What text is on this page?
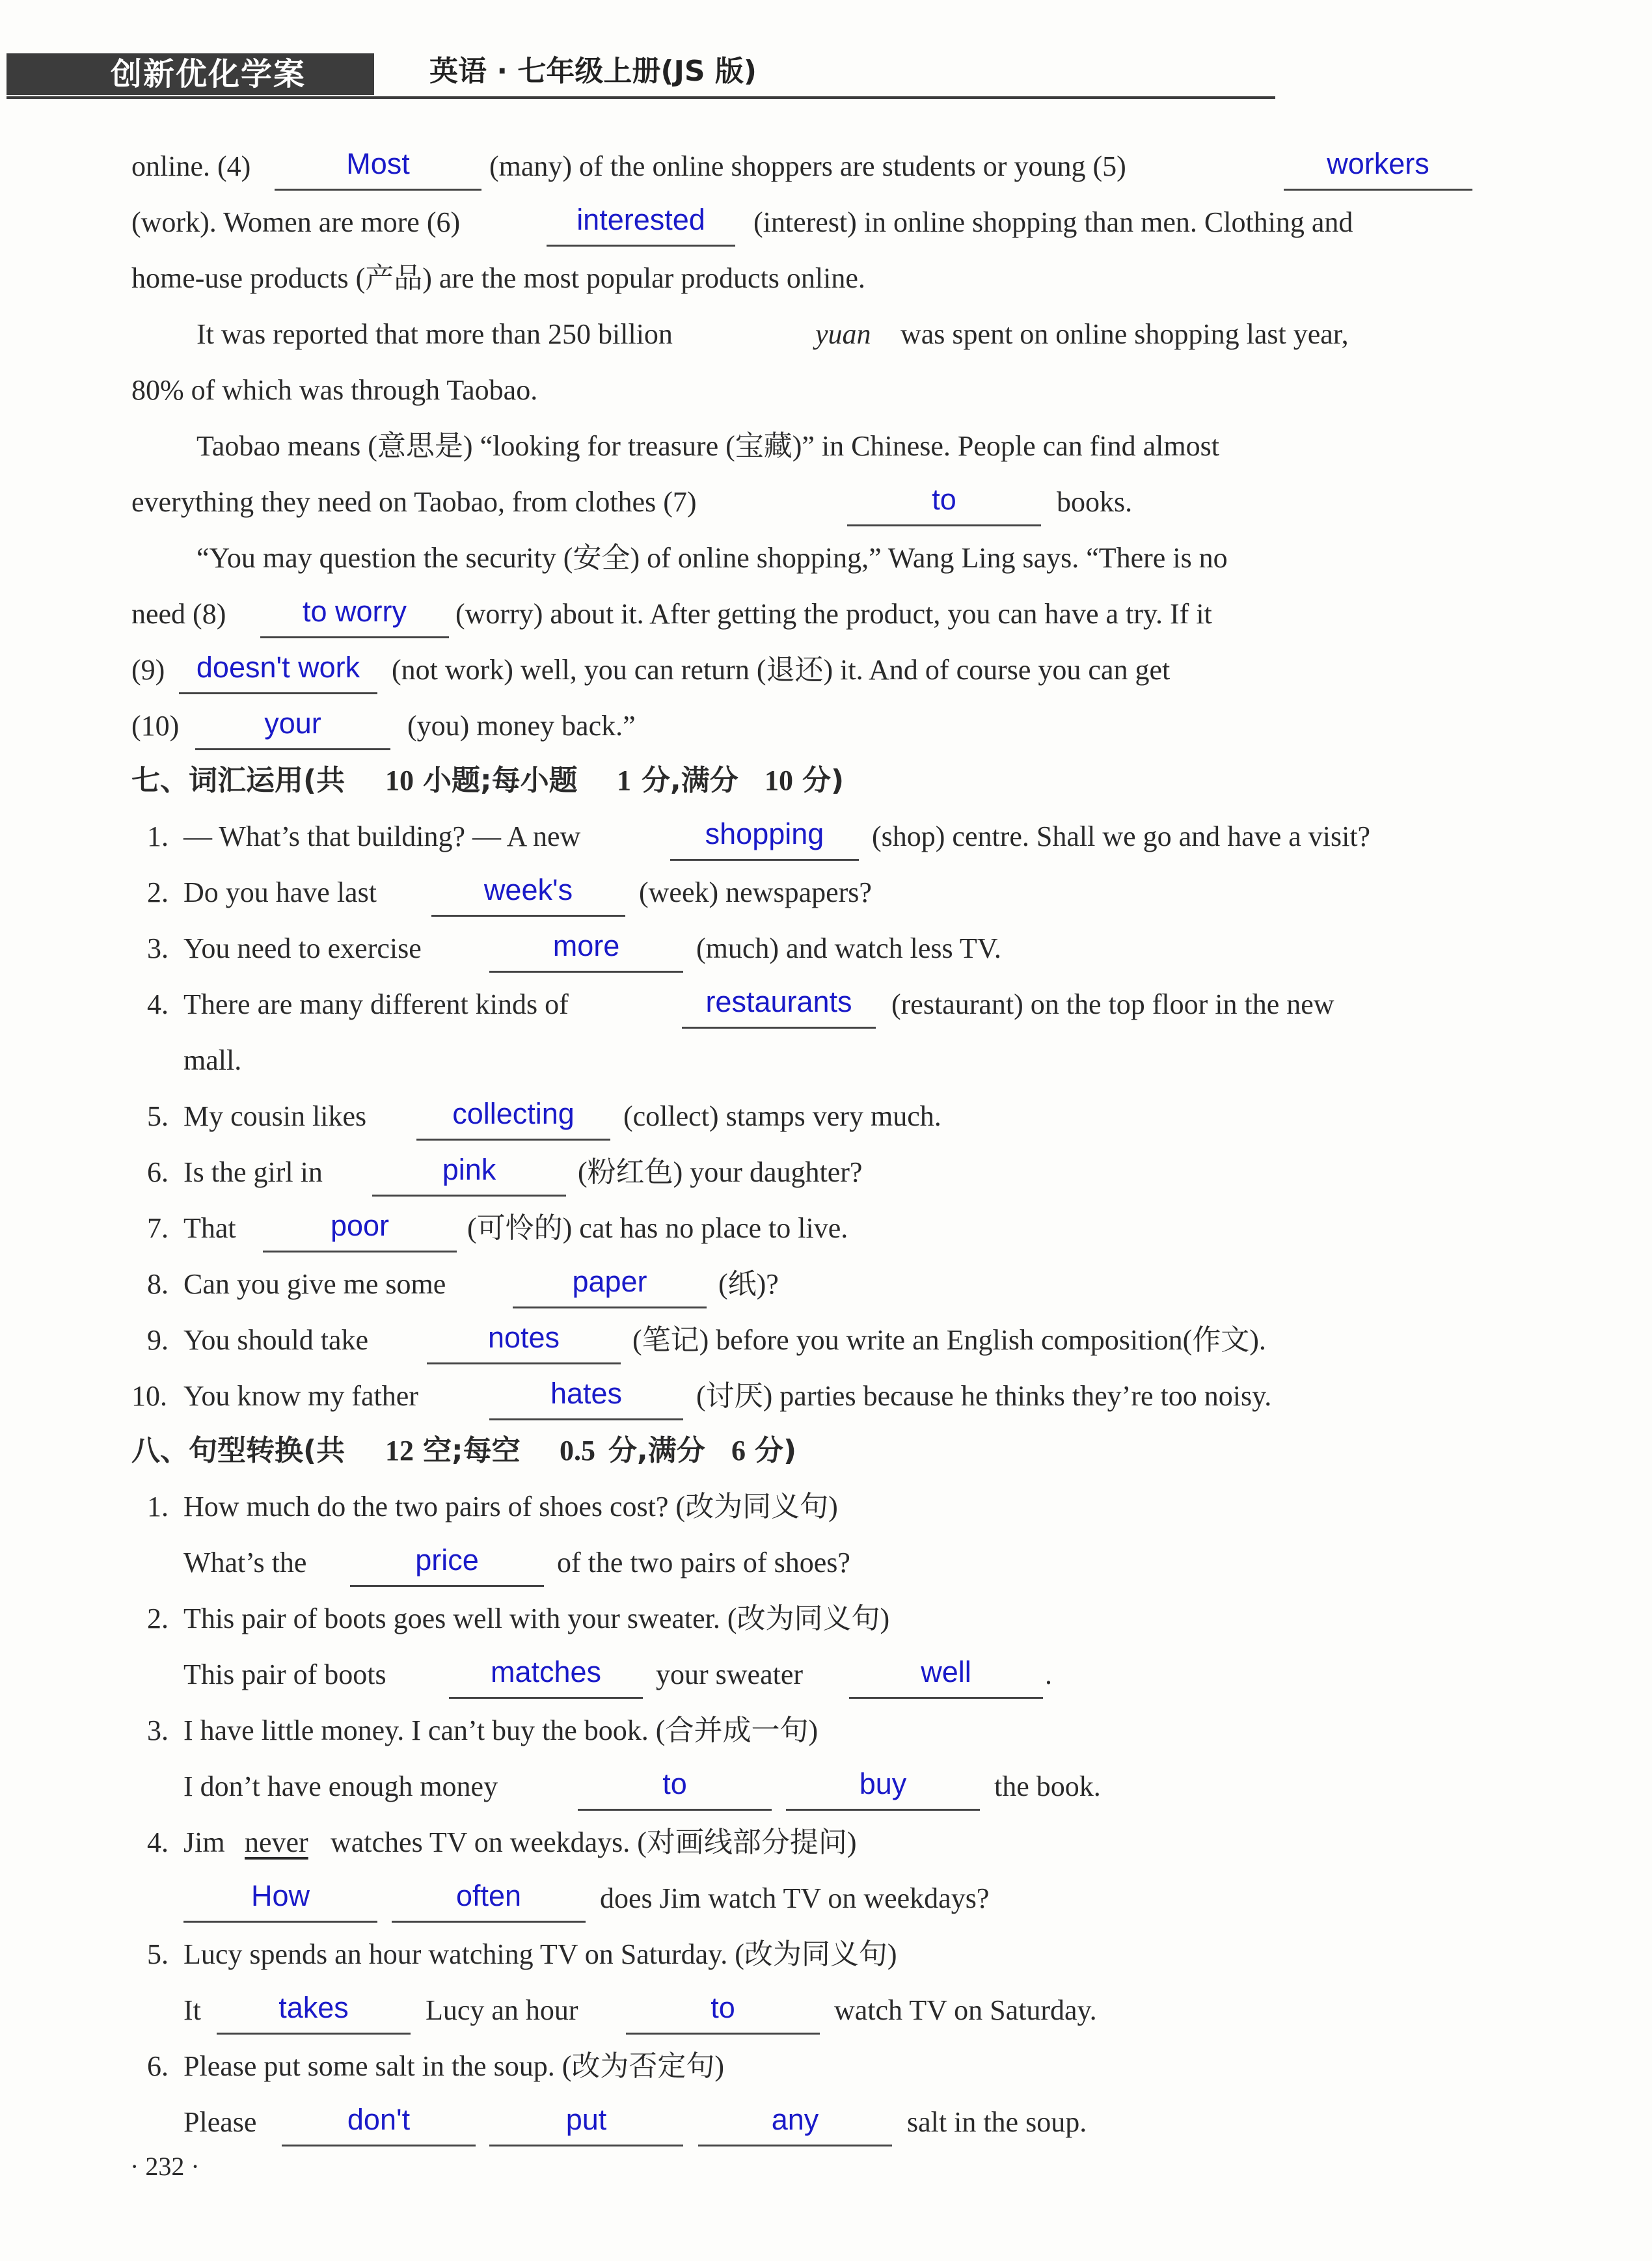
创新优化学案	英语 · 七年级上册(JS 版)
online. (4)	Most	(many) of the online shoppers are students or young (5)	workers
(work). Women are more (6)	interested	(interest) in online shopping than men. Clothing and
home-use products (产品) are the most popular products online.
It was reported that more than 250 billion	yuan was spent on online shopping last year,
80% of which was through Taobao.
Taobao means (意思是) “looking for treasure (宝藏)” in Chinese. People can find almost
everything they need on Taobao, from clothes (7)	to	books.
“You may question the security (安全) of online shopping,” Wang Ling says. “There is no
need (8)	to worry	(worry) about it. After getting the product, you can have a try. If it
(9)	doesn't work	(not work) well, you can return (退还) it. And of course you can get
(10)	your	(you) money back.”
七、词汇运用(共 10 小题;每小题 1 分,满分 10 分)
1. — What’s that building? — A new	shopping	(shop) centre. Shall we go and have a visit?
2. Do you have last	week's	(week) newspapers?
3. You need to exercise	more	(much) and watch less TV.
4. There are many different kinds of	restaurants	(restaurant) on the top floor in the new
mall.
5. My cousin likes	collecting	(collect) stamps very much.
6. Is the girl in	pink	(粉红色) your daughter?
7. That	poor	(可怜的) cat has no place to live.
8. Can you give me some	paper	(纸)?
9. You should take	notes	(笔记) before you write an English composition(作文).
10. You know my father	hates	(讨厌) parties because he thinks they’re too noisy.
八、句型转换(共 12 空;每空 0.5 分,满分 6 分)
1. How much do the two pairs of shoes cost? (改为同义句)
What’s the	price	of the two pairs of shoes?
2. This pair of boots goes well with your sweater. (改为同义句)
This pair of boots	matches	your sweater	well	.
3. I have little money. I can’t buy the book. (合并成一句)
I don’t have enough money	to	buy	the book.
4. Jim never watches TV on weekdays. (对画线部分提问)
How	often	does Jim watch TV on weekdays?
5. Lucy spends an hour watching TV on Saturday. (改为同义句)
It	takes	Lucy an hour	to	watch TV on Saturday.
6. Please put some salt in the soup. (改为否定句)
Please	don't	put	any	salt in the soup.
· 232 ·
